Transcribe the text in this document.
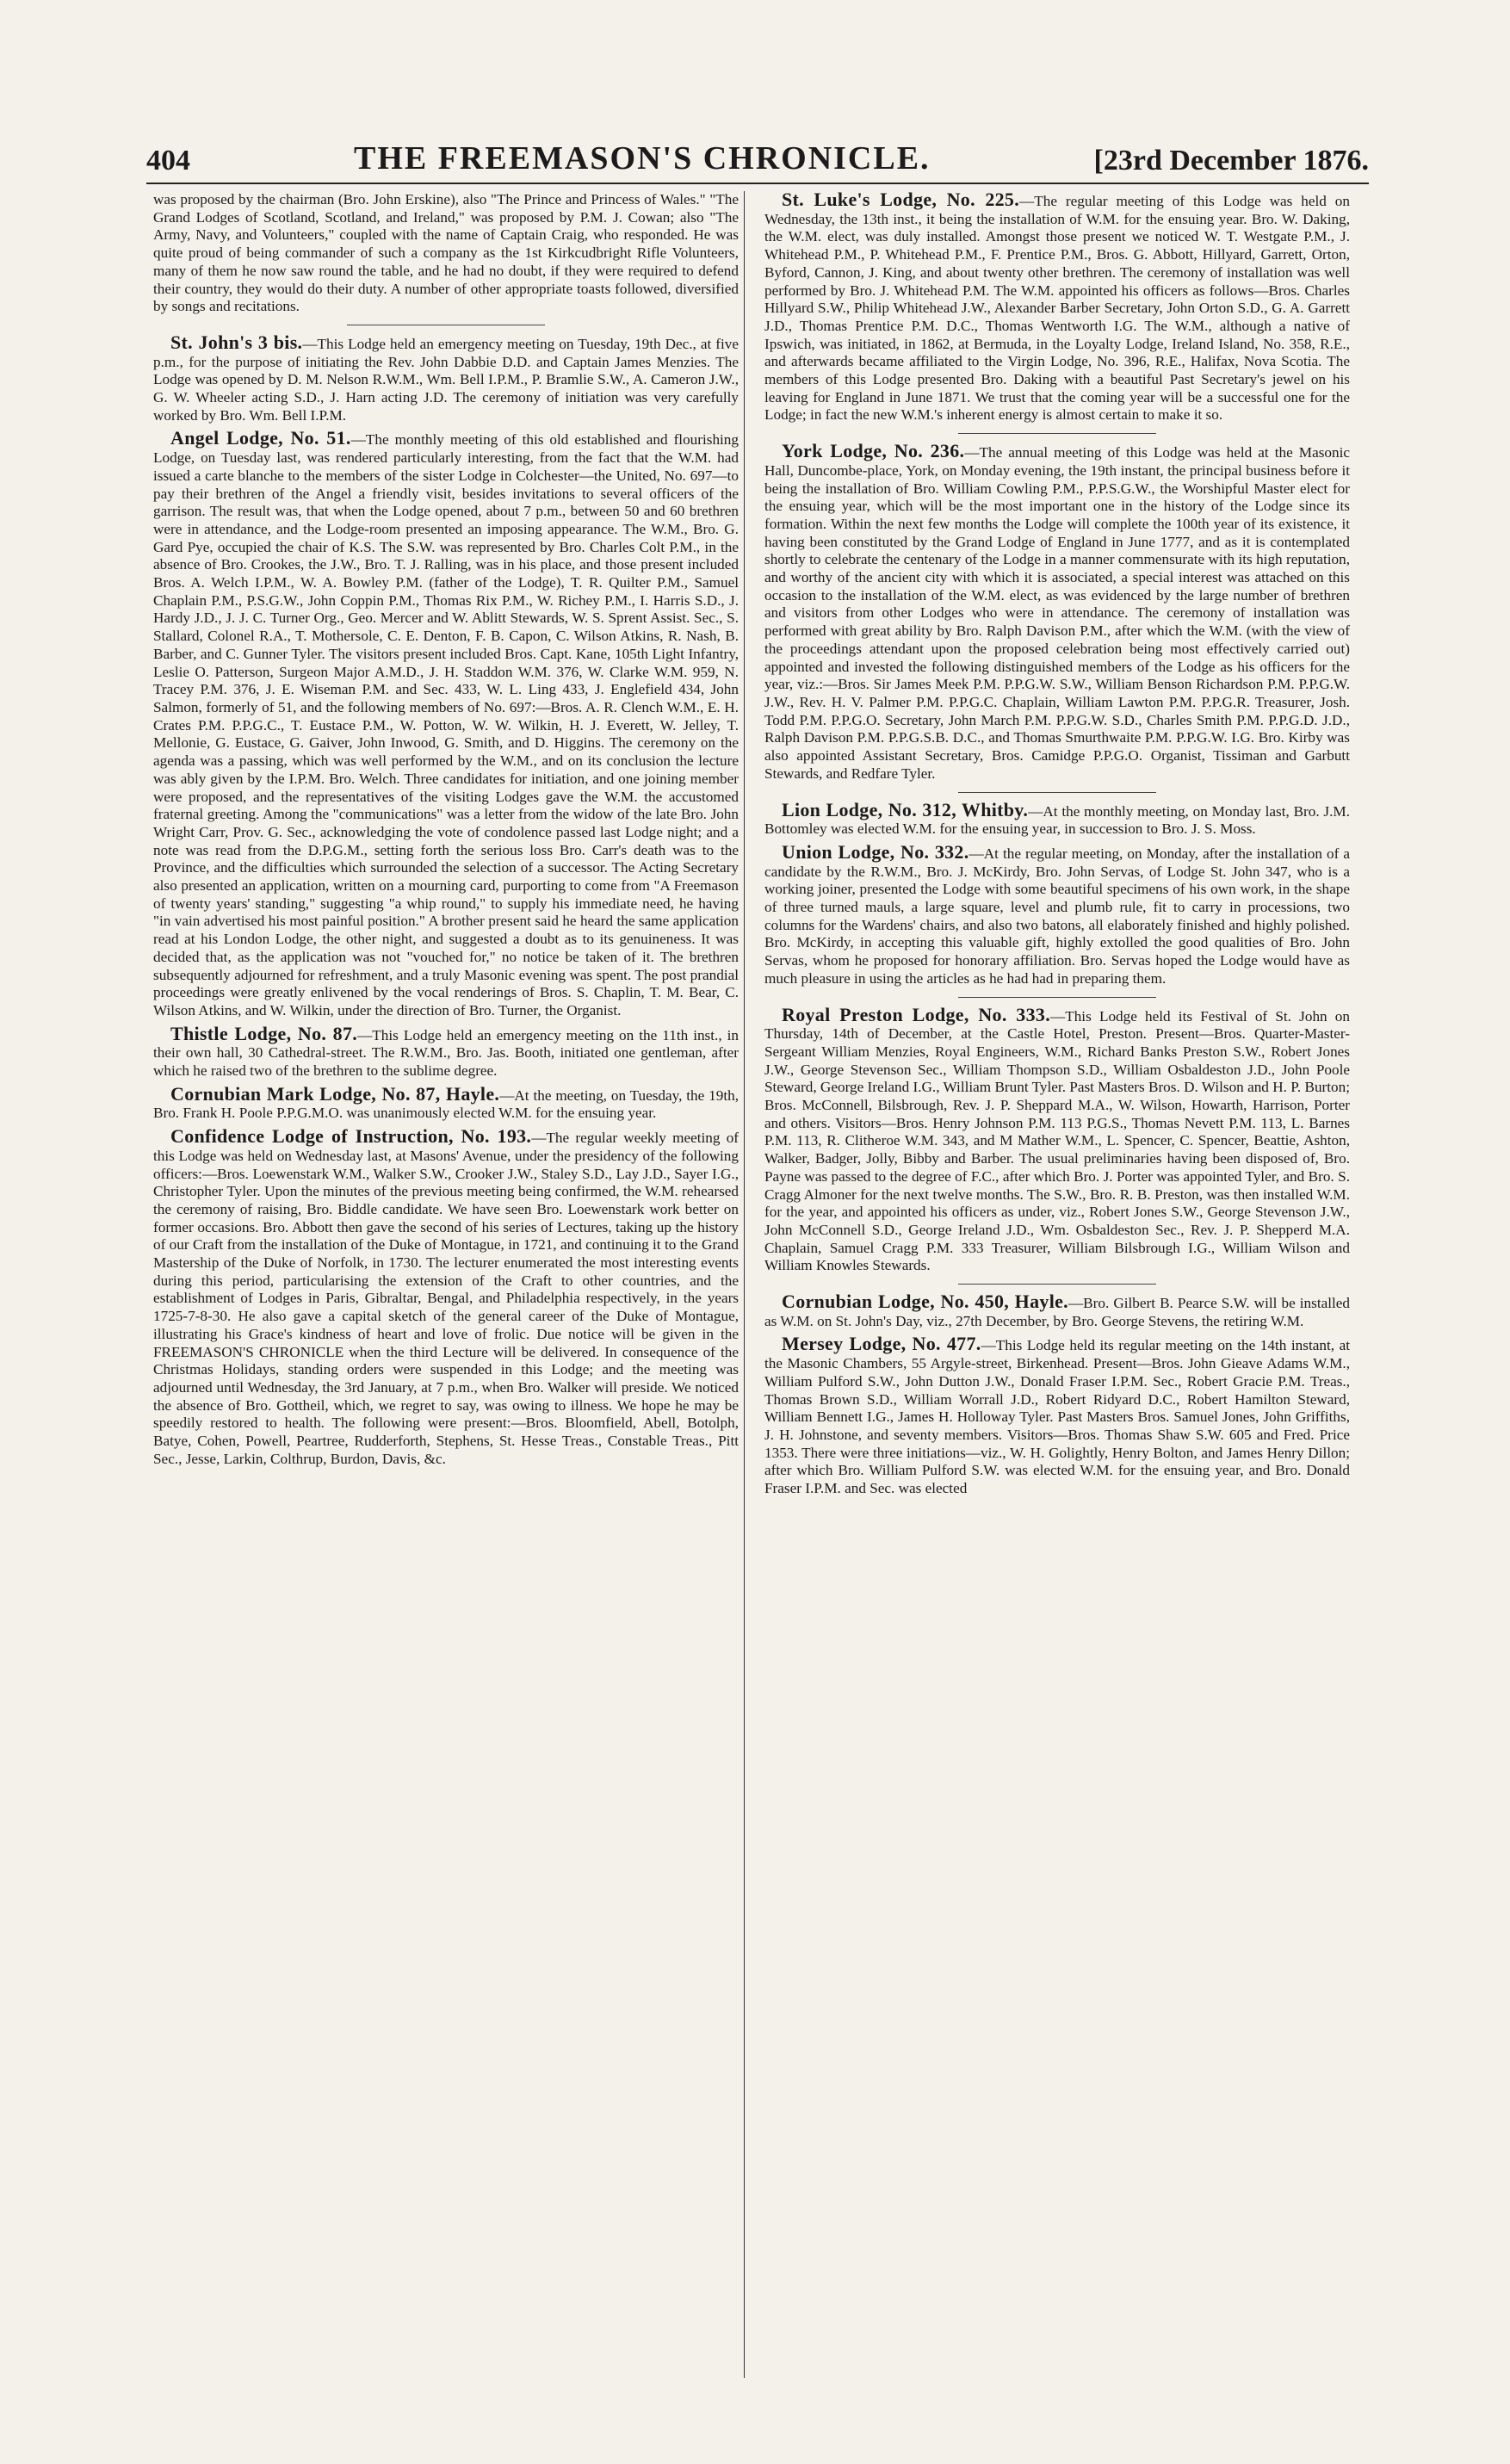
404	THE FREEMASON'S CHRONICLE.	[23rd December 1876.

was proposed by the chairman (Bro. John Erskine), also "The Prince and Princess of Wales." "The Grand Lodges of Scotland, Scotland, and Ireland," was proposed by P.M. J. Cowan; also "The Army, Navy, and Volunteers," coupled with the name of Captain Craig, who responded. He was quite proud of being commander of such a company as the 1st Kirkcudbright Rifle Volunteers, many of them he now saw round the table, and he had no doubt, if they were required to defend their country, they would do their duty. A number of other appropriate toasts followed, diversified by songs and recitations.

St. John's 3 bis.—This Lodge held an emergency meeting on Tuesday, 19th Dec., at five p.m., for the purpose of initiating the Rev. John Dabbie D.D. and Captain James Menzies. The Lodge was opened by D. M. Nelson R.W.M., Wm. Bell I.P.M., P. Bramlie S.W., A. Cameron J.W., G. W. Wheeler acting S.D., J. Harn acting J.D. The ceremony of initiation was very carefully worked by Bro. Wm. Bell I.P.M.

Angel Lodge, No. 51.—The monthly meeting of this old established and flourishing Lodge, on Tuesday last, was rendered particularly interesting, from the fact that the W.M. had issued a carte blanche to the members of the sister Lodge in Colchester—the United, No. 697—to pay their brethren of the Angel a friendly visit, besides invitations to several officers of the garrison. The result was, that when the Lodge opened, about 7 p.m., between 50 and 60 brethren were in attendance, and the Lodge-room presented an imposing appearance. The W.M., Bro. G. Gard Pye, occupied the chair of K.S. The S.W. was represented by Bro. Charles Colt P.M., in the absence of Bro. Crookes, the J.W., Bro. T. J. Ralling, was in his place, and those present included Bros. A. Welch I.P.M., W. A. Bowley P.M. (father of the Lodge), T. R. Quilter P.M., Samuel Chaplain P.M., P.S.G.W., John Coppin P.M., Thomas Rix P.M., W. Richey P.M., I. Harris S.D., J. Hardy J.D., J. J. C. Turner Org., Geo. Mercer and W. Ablitt Stewards, W. S. Sprent Assist. Sec., S. Stallard, Colonel R.A., T. Mothersole, C. E. Denton, F. B. Capon, C. Wilson Atkins, R. Nash, B. Barber, and C. Gunner Tyler. The visitors present included Bros. Capt. Kane, 105th Light Infantry, Leslie O. Patterson, Surgeon Major A.M.D., J. H. Staddon W.M. 376, W. Clarke W.M. 959, N. Tracey P.M. 376, J. E. Wiseman P.M. and Sec. 433, W. L. Ling 433, J. Englefield 434, John Salmon, formerly of 51, and the following members of No. 697:—Bros. A. R. Clench W.M., E. H. Crates P.M. P.P.G.C., T. Eustace P.M., W. Potton, W. W. Wilkin, H. J. Everett, W. Jelley, T. Mellonie, G. Eustace, G. Gaiver, John Inwood, G. Smith, and D. Higgins. The ceremony on the agenda was a passing, which was well performed by the W.M., and on its conclusion the lecture was ably given by the I.P.M. Bro. Welch. Three candidates for initiation, and one joining member were proposed, and the representatives of the visiting Lodges gave the W.M. the accustomed fraternal greeting. Among the "communications" was a letter from the widow of the late Bro. John Wright Carr, Prov. G. Sec., acknowledging the vote of condolence passed last Lodge night; and a note was read from the D.P.G.M., setting forth the serious loss Bro. Carr's death was to the Province, and the difficulties which surrounded the selection of a successor. The Acting Secretary also presented an application, written on a mourning card, purporting to come from "A Freemason of twenty years' standing," suggesting "a whip round," to supply his immediate need, he having "in vain advertised his most painful position." A brother present said he heard the same application read at his London Lodge, the other night, and suggested a doubt as to its genuineness. It was decided that, as the application was not "vouched for," no notice be taken of it. The brethren subsequently adjourned for refreshment, and a truly Masonic evening was spent. The post prandial proceedings were greatly enlivened by the vocal renderings of Bros. S. Chaplin, T. M. Bear, C. Wilson Atkins, and W. Wilkin, under the direction of Bro. Turner, the Organist.

Thistle Lodge, No. 87.—This Lodge held an emergency meeting on the 11th inst., in their own hall, 30 Cathedral-street. The R.W.M., Bro. Jas. Booth, initiated one gentleman, after which he raised two of the brethren to the sublime degree.

Cornubian Mark Lodge, No. 87, Hayle.—At the meeting, on Tuesday, the 19th, Bro. Frank H. Poole P.P.G.M.O. was unanimously elected W.M. for the ensuing year.

Confidence Lodge of Instruction, No. 193.—The regular weekly meeting of this Lodge was held on Wednesday last, at Masons' Avenue, under the presidency of the following officers:—Bros. Loewenstark W.M., Walker S.W., Crooker J.W., Staley S.D., Lay J.D., Sayer I.G., Christopher Tyler. Upon the minutes of the previous meeting being confirmed, the W.M. rehearsed the ceremony of raising, Bro. Biddle candidate. We have seen Bro. Loewenstark work better on former occasions. Bro. Abbott then gave the second of his series of Lectures, taking up the history of our Craft from the installation of the Duke of Montague, in 1721, and continuing it to the Grand Mastership of the Duke of Norfolk, in 1730. The lecturer enumerated the most interesting events during this period, particularising the extension of the Craft to other countries, and the establishment of Lodges in Paris, Gibraltar, Bengal, and Philadelphia respectively, in the years 1725-7-8-30. He also gave a capital sketch of the general career of the Duke of Montague, illustrating his Grace's kindness of heart and love of frolic. Due notice will be given in the FREEMASON'S CHRONICLE when the third Lecture will be delivered. In consequence of the Christmas Holidays, standing orders were suspended in this Lodge; and the meeting was adjourned until Wednesday, the 3rd January, at 7 p.m., when Bro. Walker will preside. We noticed the absence of Bro. Gottheil, which, we regret to say, was owing to illness. We hope he may be speedily restored to health. The following were present:—Bros. Bloomfield, Abell, Botolph, Batye, Cohen, Powell, Peartree, Rudderforth, Stephens, St. Hesse Treas., Constable Treas., Pitt Sec., Jesse, Larkin, Colthrup, Burdon, Davis, &c.

St. Luke's Lodge, No. 225.—The regular meeting of this Lodge was held on Wednesday, the 13th inst., it being the installation of W.M. for the ensuing year. Bro. W. Daking, the W.M. elect, was duly installed. Amongst those present we noticed W. T. Westgate P.M., J. Whitehead P.M., P. Whitehead P.M., F. Prentice P.M., Bros. G. Abbott, Hillyard, Garrett, Orton, Byford, Cannon, J. King, and about twenty other brethren. The ceremony of installation was well performed by Bro. J. Whitehead P.M. The W.M. appointed his officers as follows—Bros. Charles Hillyard S.W., Philip Whitehead J.W., Alexander Barber Secretary, John Orton S.D., G. A. Garrett J.D., Thomas Prentice P.M. D.C., Thomas Wentworth I.G. The W.M., although a native of Ipswich, was initiated, in 1862, at Bermuda, in the Loyalty Lodge, Ireland Island, No. 358, R.E., and afterwards became affiliated to the Virgin Lodge, No. 396, R.E., Halifax, Nova Scotia. The members of this Lodge presented Bro. Daking with a beautiful Past Secretary's jewel on his leaving for England in June 1871. We trust that the coming year will be a successful one for the Lodge; in fact the new W.M.'s inherent energy is almost certain to make it so.

York Lodge, No. 236.—The annual meeting of this Lodge was held at the Masonic Hall, Duncombe-place, York, on Monday evening, the 19th instant, the principal business before it being the installation of Bro. William Cowling P.M., P.P.S.G.W., the Worshipful Master elect for the ensuing year, which will be the most important one in the history of the Lodge since its formation. Within the next few months the Lodge will complete the 100th year of its existence, it having been constituted by the Grand Lodge of England in June 1777, and as it is contemplated shortly to celebrate the centenary of the Lodge in a manner commensurate with its high reputation, and worthy of the ancient city with which it is associated, a special interest was attached on this occasion to the installation of the W.M. elect, as was evidenced by the large number of brethren and visitors from other Lodges who were in attendance. The ceremony of installation was performed with great ability by Bro. Ralph Davison P.M., after which the W.M. (with the view of the proceedings attendant upon the proposed celebration being most effectively carried out) appointed and invested the following distinguished members of the Lodge as his officers for the year, viz.:—Bros. Sir James Meek P.M. P.P.G.W. S.W., William Benson Richardson P.M. P.P.G.W. J.W., Rev. H. V. Palmer P.M. P.P.G.C. Chaplain, William Lawton P.M. P.P.G.R. Treasurer, Josh. Todd P.M. P.P.G.O. Secretary, John March P.M. P.P.G.W. S.D., Charles Smith P.M. P.P.G.D. J.D., Ralph Davison P.M. P.P.G.S.B. D.C., and Thomas Smurthwaite P.M. P.P.G.W. I.G. Bro. Kirby was also appointed Assistant Secretary, Bros. Camidge P.P.G.O. Organist, Tissiman and Garbutt Stewards, and Redfare Tyler.

Lion Lodge, No. 312, Whitby.—At the monthly meeting, on Monday last, Bro. J.M. Bottomley was elected W.M. for the ensuing year, in succession to Bro. J. S. Moss.

Union Lodge, No. 332.—At the regular meeting, on Monday, after the installation of a candidate by the R.W.M., Bro. J. McKirdy, Bro. John Servas, of Lodge St. John 347, who is a working joiner, presented the Lodge with some beautiful specimens of his own work, in the shape of three turned mauls, a large square, level and plumb rule, fit to carry in processions, two columns for the Wardens' chairs, and also two batons, all elaborately finished and highly polished. Bro. McKirdy, in accepting this valuable gift, highly extolled the good qualities of Bro. John Servas, whom he proposed for honorary affiliation. Bro. Servas hoped the Lodge would have as much pleasure in using the articles as he had had in preparing them.

Royal Preston Lodge, No. 333.—This Lodge held its Festival of St. John on Thursday, 14th of December, at the Castle Hotel, Preston. Present—Bros. Quarter-Master-Sergeant William Menzies, Royal Engineers, W.M., Richard Banks Preston S.W., Robert Jones J.W., George Stevenson Sec., William Thompson S.D., William Osbaldeston J.D., John Poole Steward, George Ireland I.G., William Brunt Tyler. Past Masters Bros. D. Wilson and H. P. Burton; Bros. McConnell, Bilsbrough, Rev. J. P. Sheppard M.A., W. Wilson, Howarth, Harrison, Porter and others. Visitors—Bros. Henry Johnson P.M. 113 P.G.S., Thomas Nevett P.M. 113, L. Barnes P.M. 113, R. Clitheroe W.M. 343, and M Mather W.M., L. Spencer, C. Spencer, Beattie, Ashton, Walker, Badger, Jolly, Bibby and Barber. The usual preliminaries having been disposed of, Bro. Payne was passed to the degree of F.C., after which Bro. J. Porter was appointed Tyler, and Bro. S. Cragg Almoner for the next twelve months. The S.W., Bro. R. B. Preston, was then installed W.M. for the year, and appointed his officers as under, viz., Robert Jones S.W., George Stevenson J.W., John McConnell S.D., George Ireland J.D., Wm. Osbaldeston Sec., Rev. J. P. Shepperd M.A. Chaplain, Samuel Cragg P.M. 333 Treasurer, William Bilsbrough I.G., William Wilson and William Knowles Stewards.

Cornubian Lodge, No. 450, Hayle.—Bro. Gilbert B. Pearce S.W. will be installed as W.M. on St. John's Day, viz., 27th December, by Bro. George Stevens, the retiring W.M.

Mersey Lodge, No. 477.—This Lodge held its regular meeting on the 14th instant, at the Masonic Chambers, 55 Argyle-street, Birkenhead. Present—Bros. John Gieave Adams W.M., William Pulford S.W., John Dutton J.W., Donald Fraser I.P.M. Sec., Robert Gracie P.M. Treas., Thomas Brown S.D., William Worrall J.D., Robert Ridyard D.C., Robert Hamilton Steward, William Bennett I.G., James H. Holloway Tyler. Past Masters Bros. Samuel Jones, John Griffiths, J. H. Johnstone, and seventy members. Visitors—Bros. Thomas Shaw S.W. 605 and Fred. Price 1353. There were three initiations—viz., W. H. Golightly, Henry Bolton, and James Henry Dillon; after which Bro. William Pulford S.W. was elected W.M. for the ensuing year, and Bro. Donald Fraser I.P.M. and Sec. was elected
